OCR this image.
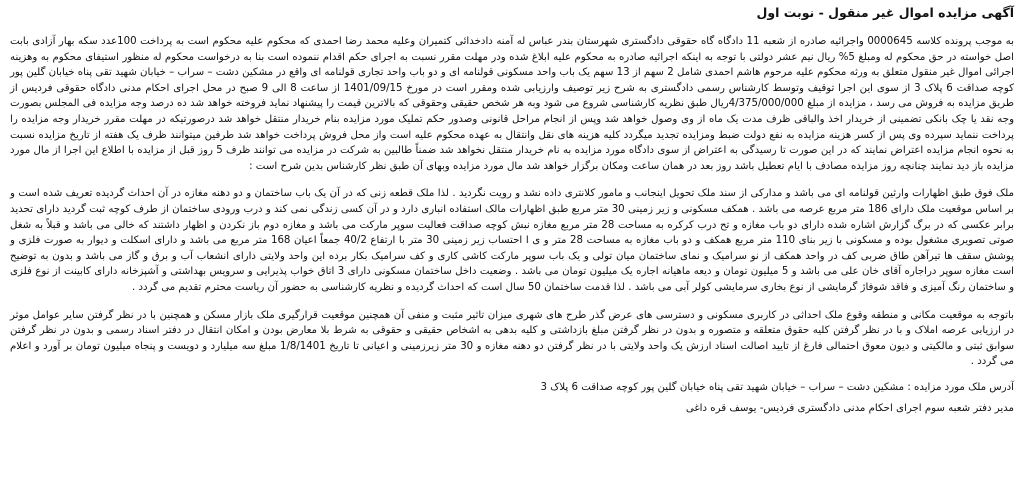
آگهی مزایده اموال غیر منقول - نوبت اول

به موجب پرونده کلاسه 0000645 واجرائیه صادره از شعبه 11 دادگاه گاه حقوقی دادگستری شهرستان بندر عباس له آمنه دادخدائی کتمیران وعلیه محمد رضا احمدی که محکوم علیه محکوم است به پرداخت 100عدد سکه بهار آزادی بابت اصل خواسته در حق محکوم له ومبلغ 5% ریال نیم عشر دولتی با توجه به اینکه اجرائیه صادره به محکوم علیه ابلاغ شده ودر مهلت مقرر نسبت به اجرای حکم اقدام ننموده است بنا به درخواست محکوم له منظور استیفای محکوم به وهزینه اجرائی اموال غیر منقول متعلق به ورثه محکوم علیه مرحوم هاشم احمدی شامل 2 سهم از 13 سهم یک باب واحد مسکونی قولنامه ای و دو باب واحد تجاری قولنامه ای واقع در مشکین دشت – سراب – خیابان شهید تقی پناه خیابان گلین پور کوچه صداقت 6 پلاک 3 از سوی این اجرا توقیف وتوسط کارشناس رسمی دادگستری به شرح زیر توصیف وارزیابی شده ومقرر است در مورخ 1401/09/15 از ساعت 8 الی 9 صبح در محل اجرای احکام مدنی دادگاه حقوقی فردیس از طریق مزایده به فروش می رسد ، مزایده از مبلغ 4/375/000/000ریال طبق نظریه کارشناسی شروع می شود وبه هر شخص حقیقی وحقوقی که بالاترین قیمت را پیشنهاد نماید فروخته خواهد شد ده درصد وجه مزایده فی المجلس بصورت وجه نقد یا چک بانکی تضمینی از خریدار اخذ والباقی ظرف مدت یک ماه از وی وصول خواهد شد وپس از انجام مراحل قانونی وصدور حکم تملیک مورد مزایده بنام خریدار منتقل خواهد شد درصورتیکه در مهلت مقرر خریدار وجه مزایده را پرداخت ننماید سپرده وی پس از کسر هزینه مزایده به نفع دولت ضبط ومزایده تجدید میگردد کلیه هزینه های نقل وانتقال به عهده محکوم علیه است واز محل فروش پرداخت خواهد شد طرفین میتوانند ظرف یک هفته از تاریخ مزایده نسبت به نحوه انجام مزایده اعتراض نمایند که در این صورت تا رسیدگی به اعتراض از سوی دادگاه مورد مزایده به نام خریدار منتقل نخواهد شد ضمناً طالبین به شرکت در مزایده می توانند ظرف 5 روز قبل از مزایده با اطلاع این اجرا از مال مورد مزایده باز دید نمایند چنانچه روز مزایده مصادف با ایام تعطیل باشد روز بعد در همان ساعت ومکان برگزار خواهد شد مال مورد مزایده وبهای آن طبق نظر کارشناس بدین شرح است :

ملک فوق طبق اظهارات وارثین قولنامه ای می باشد و مدارکی از سند ملک تحویل اینجانب و مامور کلانتری داده نشد و رویت نگردید . لذا ملک قطعه زنی که در آن یک باب ساختمان و دو دهنه مغازه در آن احداث گردیده تعریف شده است و بر اساس موقعیت ملک دارای 186 متر مربع عرصه می باشد . همکف مسکونی و زیر زمینی 30 متر مربع طبق اظهارات مالک استفاده انباری دارد و در آن کسی زندگی نمی کند و درب ورودی ساختمان از طرف کوچه ثبت گردید دارای تحدید برابر عکسی که در برگ گزارش اشاره شده دارای دو باب مغازه و تح درب کرکره به مساحت 28 متر مربع مغازه نبش کوچه صداقت فعالیت سوپر مارکت می باشد و مغازه دوم باز نکردن و اظهار داشتند که خالی می باشد و قبلاً به شغل صوتی تصویری مشغول بوده و مسکونی با زیر بنای 110 متر مربع همکف و دو باب مغازه به مساحت 28 متر و ی ا احتساب زیر زمینی 30 متر با ارتفاع 40/2 جمعاً اعیان 168 متر مربع می باشد و دارای اسکلت و دیوار به صورت فلزی و پوشش سقف ها تیرآهن طاق ضربی کف در واحد همکف از نو سرامیک و نمای ساختمان میان تولی و یک باب سوپر مارکت کاشی کاری و کف سرامیک بکار برده این واحد ولایتی دارای انشعاب آب و برق و گاز می باشد و بدون به توضیح است مغازه سوپر دراجاره آقای خان علی می باشد و 5 میلیون تومان و دیعه ماهیانه اجاره یک میلیون تومان می باشد . وضعیت داخل ساختمان مسکونی دارای 3 اتاق خواب پذیرایی و سرویس بهداشتی و آشپزخانه دارای کابینت از نوع فلزی و ساختمان رنگ آمیزی و فاقد شوفاژ گرمایشی از نوع بخاری سرمایشی کولر آبی می باشد . لذا قدمت ساختمان 50 سال است که احداث گردیده و نظریه کارشناسی به حضور آن ریاست محترم تقدیم می گردد .

باتوجه به موقعیت مکانی و منطقه وقوع ملک احداثی در کاربری مسکونی و دسترسی های عرض گذر طرح های شهری میزان تاثیر مثبت و منفی آن همچنین موقعیت قرارگیری ملک بازار مسکن و همچنین با در نظر گرفتن سایر عوامل موثر در ارزیابی عرصه املاک و با در نظر گرفتن کلیه حقوق متعلقه و متصوره و بدون در نظر گرفتن مبلغ بازداشتی و کلیه بدهی به اشخاص حقیقی و حقوقی به شرط بلا معارض بودن و امکان انتقال در دفتر اسناد رسمی و بدون در نظر گرفتن سوابق ثبتی و مالکیتی و دیون معوق احتمالی فارغ از تایید اصالت اسناد ارزش یک واحد ولایتی با در نظر گرفتن دو دهنه مغازه و 30 متر زیرزمینی و اعیانی تا تاریخ 1/8/1401 مبلغ سه میلیارد و دویست و پنجاه میلیون تومان بر آورد و اعلام می گردد .

آدرس ملک مورد مزایده : مشکین دشت – سراب – خیابان شهید تقی پناه خیابان گلین پور کوچه صداقت 6 پلاک 3
مدیر دفتر شعبه سوم اجرای احکام مدنی دادگستری فردیس- یوسف قره داغی
